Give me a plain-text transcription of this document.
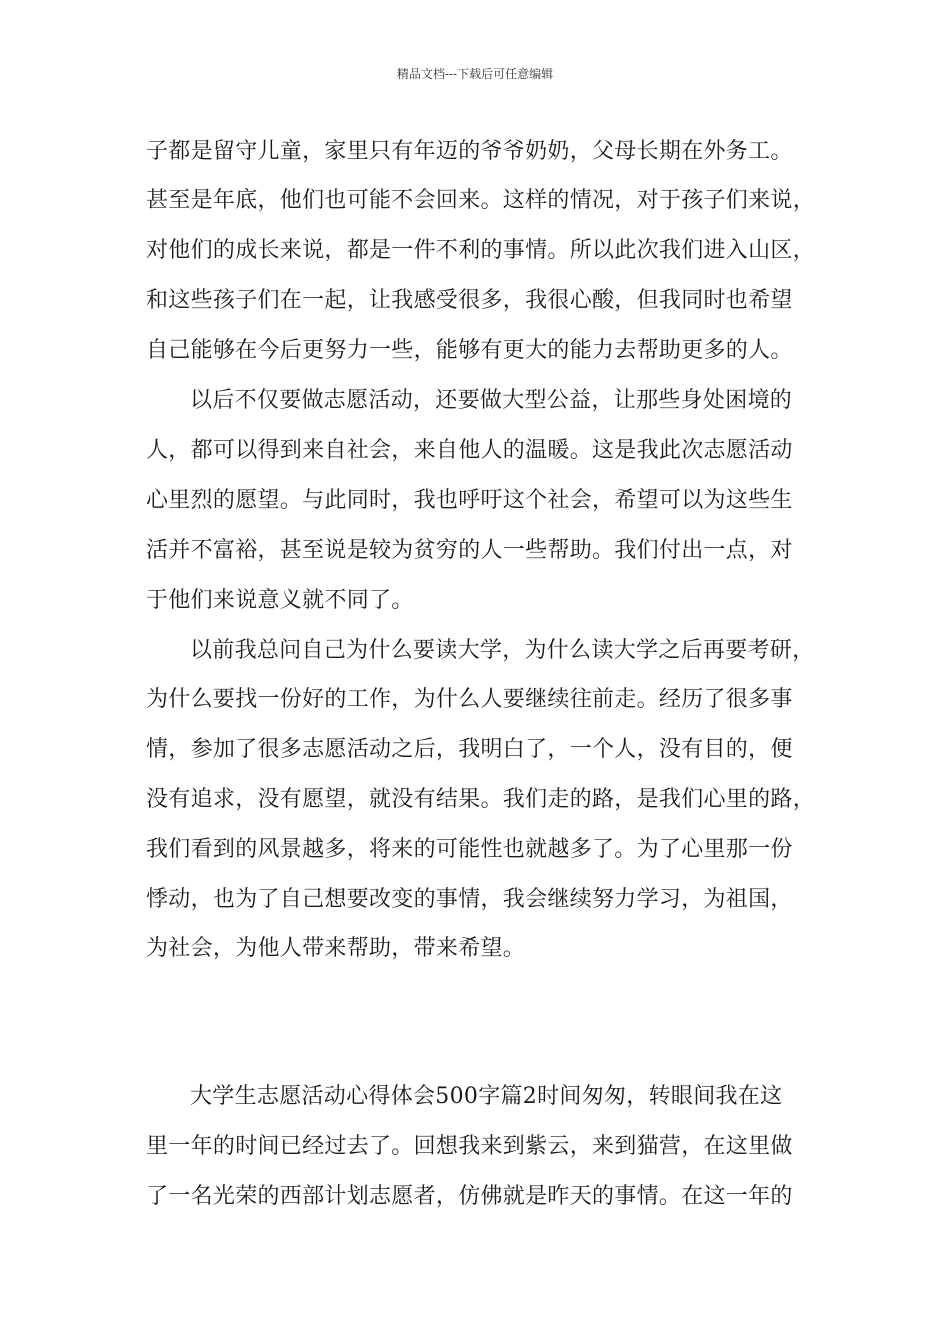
精品文档---下载后可任意编辑
子都是留守儿童，家里只有年迈的爷爷奶奶，父母长期在外务工。
甚至是年底，他们也可能不会回来。这样的情况，对于孩子们来说，
对他们的成长来说，都是一件不利的事情。所以此次我们进入山区，
和这些孩子们在一起，让我感受很多，我很心酸，但我同时也希望
自己能够在今后更努力一些，能够有更大的能力去帮助更多的人。
以后不仅要做志愿活动，还要做大型公益，让那些身处困境的
人，都可以得到来自社会，来自他人的温暖。这是我此次志愿活动
心里烈的愿望。与此同时，我也呼吁这个社会，希望可以为这些生
活并不富裕，甚至说是较为贫穷的人一些帮助。我们付出一点，对
于他们来说意义就不同了。
以前我总问自己为什么要读大学，为什么读大学之后再要考研，
为什么要找一份好的工作，为什么人要继续往前走。经历了很多事
情，参加了很多志愿活动之后，我明白了，一个人，没有目的，便
没有追求，没有愿望，就没有结果。我们走的路，是我们心里的路，
我们看到的风景越多，将来的可能性也就越多了。为了心里那一份
悸动，也为了自己想要改变的事情，我会继续努力学习，为祖国，
为社会，为他人带来帮助，带来希望。
大学生志愿活动心得体会500字篇2时间匆匆，转眼间我在这
里一年的时间已经过去了。回想我来到紫云，来到猫营，在这里做
了一名光荣的西部计划志愿者，仿佛就是昨天的事情。在这一年的
